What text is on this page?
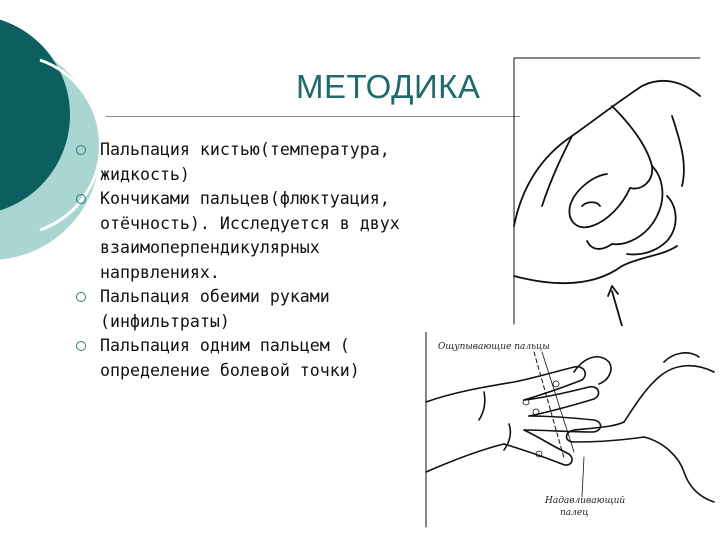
МЕТОДИКА
Пальпация кистью(температура, жидкость)
Кончиками пальцев(флюктуация, отёчность). Исследуется в двух взаимоперпендикулярных напрвлениях.
Пальпация обеими руками (инфильтраты)
Пальпация одним пальцем ( определение болевой точки)
Ощупывающие пальцы
Надавливающий
палец
